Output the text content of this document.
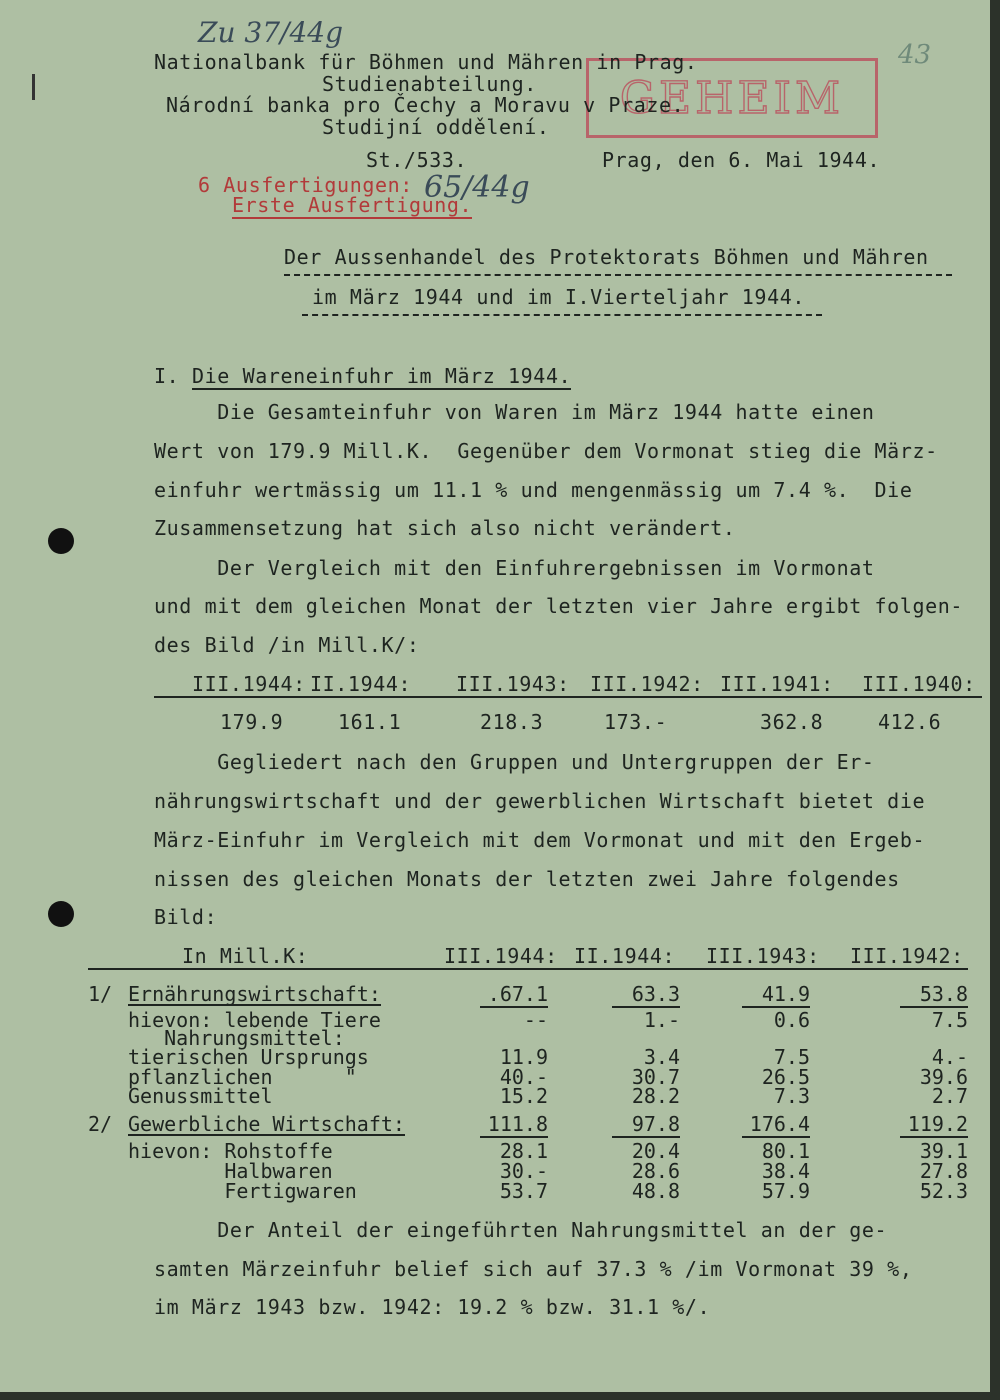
Zu 37/44g
43
65/44g
GEHEIM
Nationalbank für Böhmen und Mähren in Prag.
Studienabteilung.
Národní banka pro Čechy a Moravu v Praze.
Studijní oddělení.
St./533.	Prag, den 6. Mai 1944.
6 Ausfertigungen:
Erste Ausfertigung.
Der Aussenhandel des Protektorats Böhmen und Mähren
im März 1944 und im I.Vierteljahr 1944.
I. Die Wareneinfuhr im März 1944.
Die Gesamteinfuhr von Waren im März 1944 hatte einen
Wert von 179.9 Mill.K.  Gegenüber dem Vormonat stieg die März-
einfuhr wertmässig um 11.1 % und mengenmässig um 7.4 %.  Die
Zusammensetzung hat sich also nicht verändert.
Der Vergleich mit den Einfuhrergebnissen im Vormonat
und mit dem gleichen Monat der letzten vier Jahre ergibt folgen-
des Bild /in Mill.K/:
III.1944: II.1944: III.1943: III.1942: III.1941: III.1940:
179.9	161.1	218.3	173.-	362.8	412.6
Gegliedert nach den Gruppen und Untergruppen der Er-
nährungswirtschaft und der gewerblichen Wirtschaft bietet die
März-Einfuhr im Vergleich mit dem Vormonat und mit den Ergeb-
nissen des gleichen Monats der letzten zwei Jahre folgendes
Bild:
In Mill.K:	III.1944: II.1944: III.1943: III.1942:
1/ Ernährungswirtschaft:	.67.1	63.3	41.9	53.8
hievon: lebende Tiere	--	1.-	0.6	7.5
Nahrungsmittel:
tierischen Ursprungs	11.9	3.4	7.5	4.-
pflanzlichen      "	40.-	30.7	26.5	39.6
Genussmittel	15.2	28.2	7.3	2.7
2/ Gewerbliche Wirtschaft:	111.8	97.8	176.4	119.2
hievon: Rohstoffe	28.1	20.4	80.1	39.1
Halbwaren	30.-	28.6	38.4	27.8
Fertigwaren	53.7	48.8	57.9	52.3
Der Anteil der eingeführten Nahrungsmittel an der ge-
samten Märzeinfuhr belief sich auf 37.3 % /im Vormonat 39 %,
im März 1943 bzw. 1942: 19.2 % bzw. 31.1 %/.
